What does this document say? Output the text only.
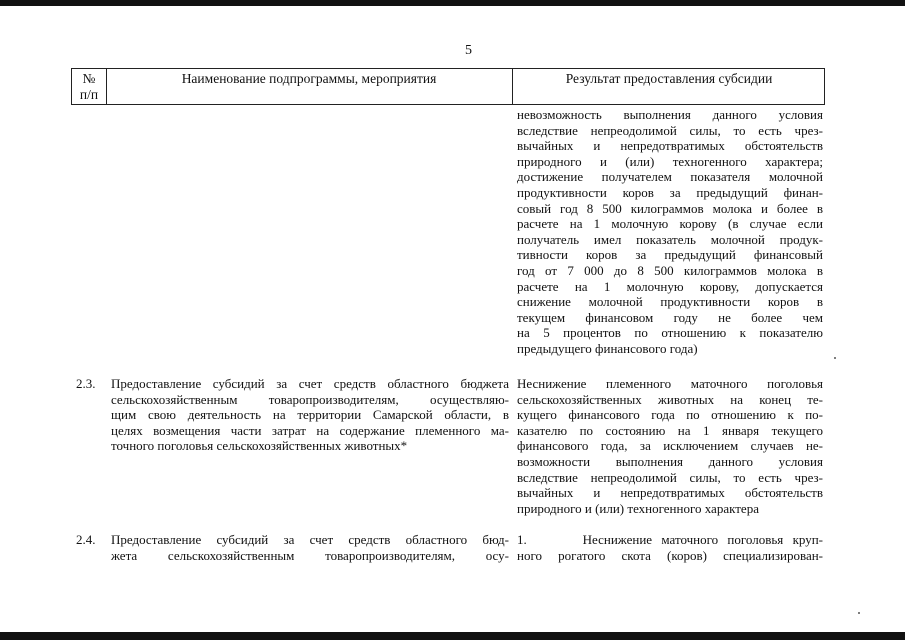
5
№
п/п
Наименование подпрограммы, мероприятия	Результат предоставления субсидии
невозможность выполнения данного условия
вследствие непреодолимой силы, то есть чрез-
вычайных и непредотвратимых обстоятельств
природного и (или) техногенного характера;
достижение получателем показателя молочной
продуктивности коров за предыдущий финан-
совый год 8 500 килограммов молока и более в
расчете на 1 молочную корову (в случае если
получатель имел показатель молочной продук-
тивности коров за предыдущий финансовый
год от 7 000 до 8 500 килограммов молока в
расчете на 1 молочную корову, допускается
снижение молочной продуктивности коров в
текущем финансовом году не более чем
на 5 процентов по отношению к показателю
предыдущего финансового года)
2.3. Предоставление субсидий за счет средств областного бюджета
сельскохозяйственным товаропроизводителям, осуществляю-
щим свою деятельность на территории Самарской области, в
целях возмещения части затрат на содержание племенного ма-
точного поголовья сельскохозяйственных животных*
Неснижение племенного маточного поголовья
сельскохозяйственных животных на конец те-
кущего финансового года по отношению к по-
казателю по состоянию на 1 января текущего
финансового года, за исключением случаев не-
возможности выполнения данного условия
вследствие непреодолимой силы, то есть чрез-
вычайных и непредотвратимых обстоятельств
природного и (или) техногенного характера
2.4. Предоставление субсидий за счет средств областного бюд-
жета сельскохозяйственным товаропроизводителям, осу-
1.      Неснижение маточного поголовья круп-
ного рогатого скота (коров) специализирован-
